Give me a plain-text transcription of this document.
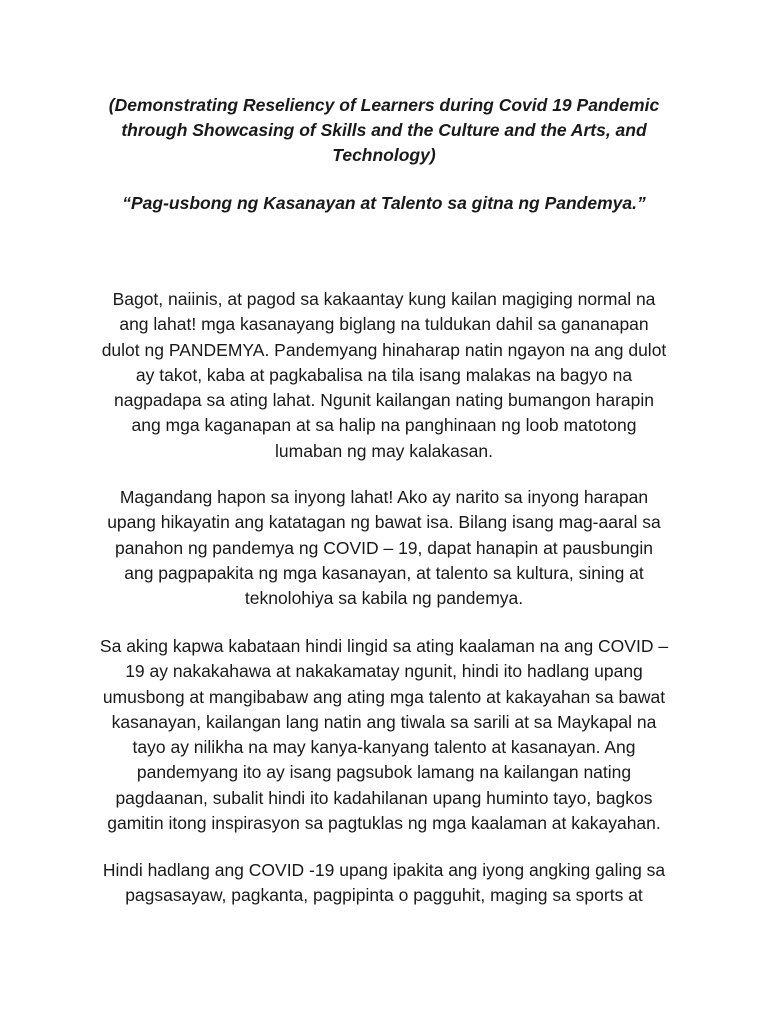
(Demonstrating Reseliency of Learners during Covid 19 Pandemic
through Showcasing of Skills and the Culture and the Arts, and
Technology)
“Pag-usbong ng Kasanayan at Talento sa gitna ng Pandemya.”
Bagot, naiinis, at pagod sa kakaantay kung kailan magiging normal na
ang lahat! mga kasanayang biglang na tuldukan dahil sa gananapan
dulot ng PANDEMYA. Pandemyang hinaharap natin ngayon na ang dulot
ay takot, kaba at pagkabalisa na tila isang malakas na bagyo na
nagpadapa sa ating lahat. Ngunit kailangan nating bumangon harapin
ang mga kaganapan at sa halip na panghinaan ng loob matotong
lumaban ng may kalakasan.
Magandang hapon sa inyong lahat! Ako ay narito sa inyong harapan
upang hikayatin ang katatagan ng bawat isa. Bilang isang mag-aaral sa
panahon ng pandemya ng COVID – 19, dapat hanapin at pausbungin
ang pagpapakita ng mga kasanayan, at talento sa kultura, sining at
teknolohiya sa kabila ng pandemya.
Sa aking kapwa kabataan hindi lingid sa ating kaalaman na ang COVID –
19 ay nakakahawa at nakakamatay ngunit, hindi ito hadlang upang
umusbong at mangibabaw ang ating mga talento at kakayahan sa bawat
kasanayan, kailangan lang natin ang tiwala sa sarili at sa Maykapal na
tayo ay nilikha na may kanya-kanyang talento at kasanayan. Ang
pandemyang ito ay isang pagsubok lamang na kailangan nating
pagdaanan, subalit hindi ito kadahilanan upang huminto tayo, bagkos
gamitin itong inspirasyon sa pagtuklas ng mga kaalaman at kakayahan.
Hindi hadlang ang COVID -19 upang ipakita ang iyong angking galing sa
pagsasayaw, pagkanta, pagpipinta o pagguhit, maging sa sports at
